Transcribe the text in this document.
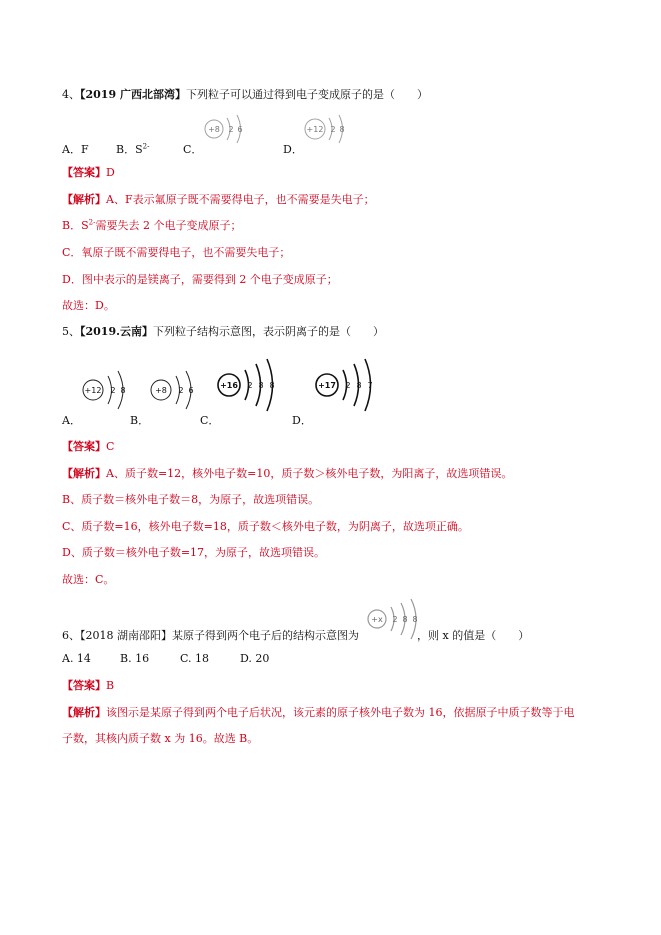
4、【2019 广西北部湾】下列粒子可以通过得到电子变成原子的是（　　）
A．F B．$S^{2-}$	C．	D．
+8 2 6	+12 2 8
【答案】D
【解析】A、F表示氟原子既不需要得电子，也不需要是失电子；
B．$S^{2-}$需要失去 2 个电子变成原子；
C．氧原子既不需要得电子，也不需要失电子；
D．图中表示的是镁离子，需要得到 2 个电子变成原子；
故选：D。
5、【2019.云南】下列粒子结构示意图，表示阴离子的是（　　）
A．	B．	C．	D．
+12 2 8	+8 2 6
+16 2 8 8	+17 2 8 7
【答案】C
【解析】A、质子数=12，核外电子数=10，质子数＞核外电子数，为阳离子，故选项错误。
B、质子数＝核外电子数＝8，为原子，故选项错误。
C、质子数=16，核外电子数=18，质子数＜核外电子数，为阴离子，故选项正确。
D、质子数＝核外电子数=17，为原子，故选项错误。
故选：C。
6、【2018 湖南邵阳】某原子得到两个电子后的结构示意图为	，则 x 的值是（　　）
+x 2 8 8
A. 14	B. 16	C. 18	D. 20
【答案】B
【解析】该图示是某原子得到两个电子后状况，该元素的原子核外电子数为 16，依据原子中质子数等于电
子数，其核内质子数 x 为 16。故选 B。
